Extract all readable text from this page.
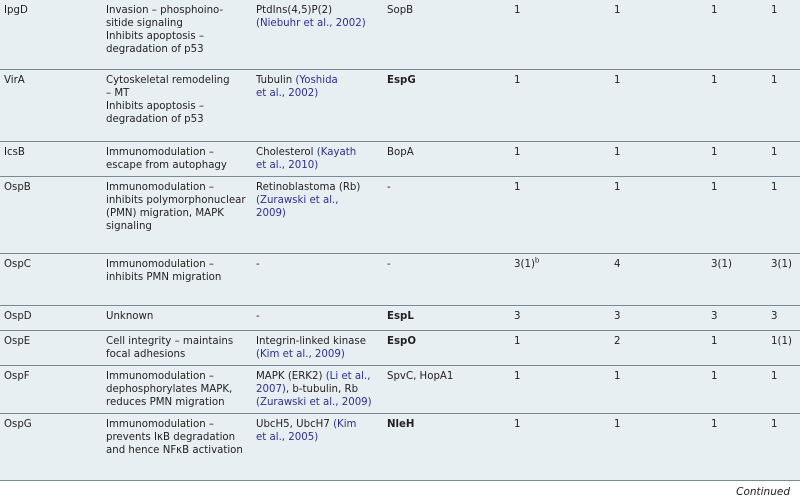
IpgD	Invasion – phosphoino-
sitide signaling
Inhibits apoptosis –
degradation of p53	PtdIns(4,5)P(2)
(Niebuhr et al., 2002)	SopB	1	1	1	1
VirA	Cytoskeletal remodeling
– MT
Inhibits apoptosis –
degradation of p53	Tubulin (Yoshida
et al., 2002)	EspG	1	1	1	1
IcsB	Immunomodulation –
escape from autophagy	Cholesterol (Kayath
et al., 2010)	BopA	1	1	1	1
OspB	Immunomodulation –
inhibits polymorphonuclear
(PMN) migration, MAPK
signaling	Retinoblastoma (Rb)
(Zurawski et al.,
2009)	-	1	1	1	1
OspC	Immunomodulation –
inhibits PMN migration	-	-	$3(1)^b$	4	3(1)	3(1)
OspD	Unknown	-	EspL	3	3	3	3
OspE	Cell integrity – maintains
focal adhesions	Integrin-linked kinase
(Kim et al., 2009)	EspO	1	2	1	1(1)
OspF	Immunomodulation –
dephosphorylates MAPK,
reduces PMN migration	MAPK (ERK2) (Li et al.,
2007), b-tubulin, Rb
(Zurawski et al., 2009)	SpvC, HopA1	1	1	1	1
OspG	Immunomodulation –
prevents IκB degradation
and hence NFκB activation	UbcH5, UbcH7 (Kim
et al., 2005)	NleH	1	1	1	1
Continued
